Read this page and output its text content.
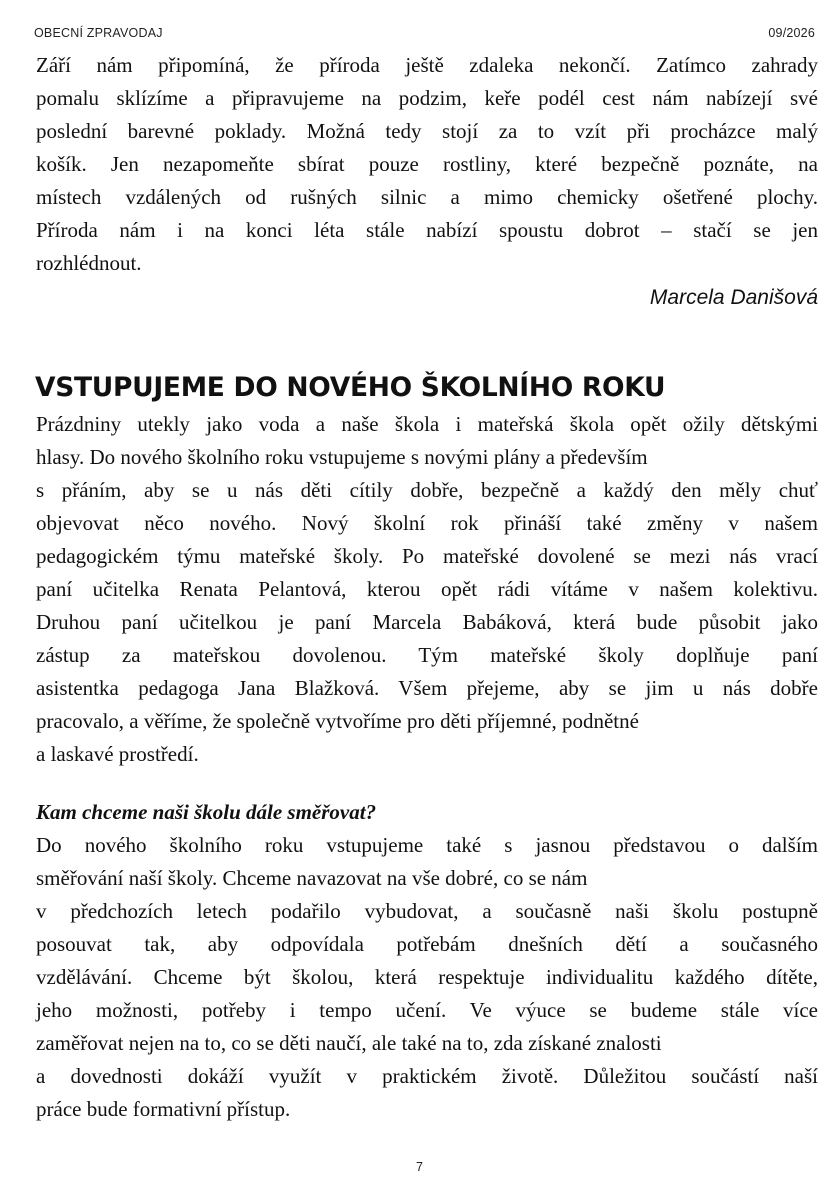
OBECNÍ ZPRAVODAJ	09/2026

Září nám připomíná, že příroda ještě zdaleka nekončí. Zatímco zahrady
pomalu sklízíme a připravujeme na podzim, keře podél cest nám nabízejí své
poslední barevné poklady. Možná tedy stojí za to vzít při procházce malý
košík. Jen nezapomeňte sbírat pouze rostliny, které bezpečně poznáte, na
místech vzdálených od rušných silnic a mimo chemicky ošetřené plochy.
Příroda nám i na konci léta stále nabízí spoustu dobrot – stačí se jen
rozhlédnout.

Marcela Danišová
VSTUPUJEME DO NOVÉHO ŠKOLNÍHO ROKU

Prázdniny utekly jako voda a naše škola i mateřská škola opět ožily dětskými
hlasy. Do nového školního roku vstupujeme s novými plány a především
s přáním, aby se u nás děti cítily dobře, bezpečně a každý den měly chuť
objevovat něco nového. Nový školní rok přináší také změny v našem
pedagogickém týmu mateřské školy. Po mateřské dovolené se mezi nás vrací
paní učitelka Renata Pelantová, kterou opět rádi vítáme v našem kolektivu.
Druhou paní učitelkou je paní Marcela Babáková, která bude působit jako
zástup za mateřskou dovolenou. Tým mateřské školy doplňuje paní
asistentka pedagoga Jana Blažková. Všem přejeme, aby se jim u nás dobře
pracovalo, a věříme, že společně vytvoříme pro děti příjemné, podnětné
a laskavé prostředí.

Kam chceme naši školu dále směřovat?

Do nového školního roku vstupujeme také s jasnou představou o dalším
směřování naší školy. Chceme navazovat na vše dobré, co se nám
v předchozích letech podařilo vybudovat, a současně naši školu postupně
posouvat tak, aby odpovídala potřebám dnešních dětí a současného
vzdělávání. Chceme být školou, která respektuje individualitu každého dítěte,
jeho možnosti, potřeby i tempo učení. Ve výuce se budeme stále více
zaměřovat nejen na to, co se děti naučí, ale také na to, zda získané znalosti
a dovednosti dokáží využít v praktickém životě. Důležitou součástí naší
práce bude formativní přístup.

7
